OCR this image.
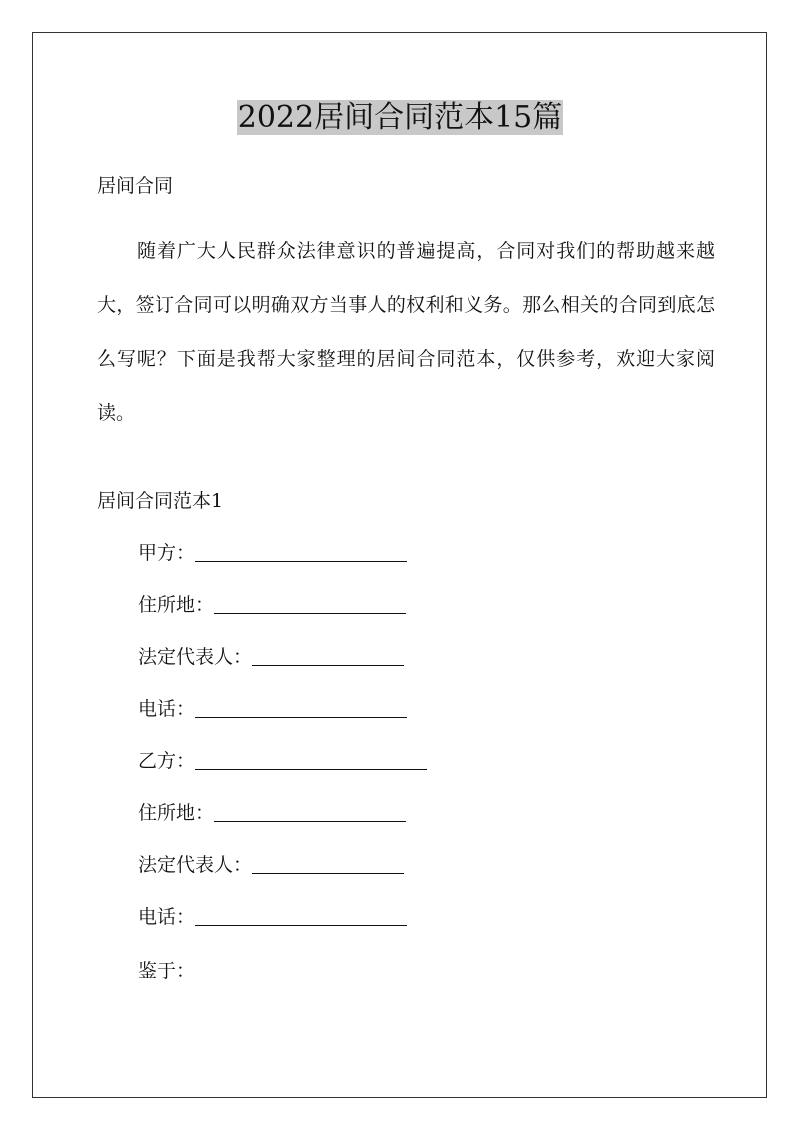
2022居间合同范本15篇
居间合同
随着广大人民群众法律意识的普遍提高，合同对我们的帮助越来越大，签订合同可以明确双方当事人的权利和义务。那么相关的合同到底怎么写呢？下面是我帮大家整理的居间合同范本，仅供参考，欢迎大家阅读。
居间合同范本1
甲方：
住所地：
法定代表人：
电话：
乙方：
住所地：
法定代表人：
电话：
鉴于：
